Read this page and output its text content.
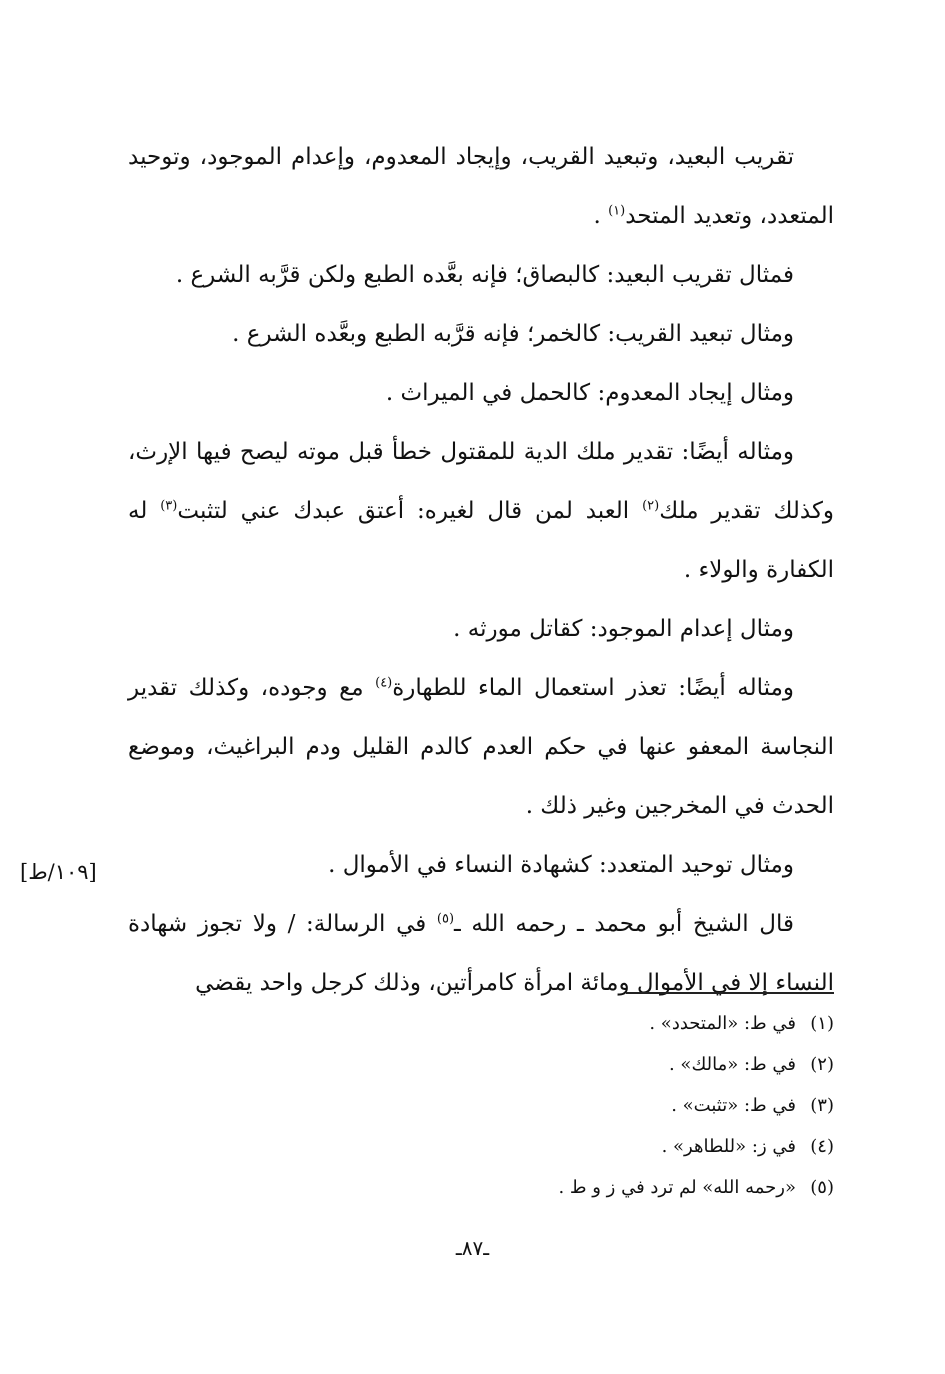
تقريب البعيد، وتبعيد القريب، وإيجاد المعدوم، وإعدام الموجود، وتوحيد المتعدد، وتعديد المتحد$^{(١)}$ .

فمثال تقريب البعيد: كالبصاق؛ فإنه بعَّده الطبع ولكن قرَّبه الشرع .

ومثال تبعيد القريب: كالخمر؛ فإنه قرَّبه الطبع وبعَّده الشرع .

ومثال إيجاد المعدوم: كالحمل في الميراث .

ومثاله أيضًا: تقدير ملك الدية للمقتول خطأ قبل موته ليصح فيها الإرث، وكذلك تقدير ملك$^{(٢)}$ العبد لمن قال لغيره: أعتق عبدك عني لتثبت$^{(٣)}$ له الكفارة والولاء .

ومثال إعدام الموجود: كقاتل مورثه .

ومثاله أيضًا: تعذر استعمال الماء للطهارة$^{(٤)}$ مع وجوده، وكذلك تقدير النجاسة المعفو عنها في حكم العدم كالدم القليل ودم البراغيث، وموضع الحدث في المخرجين وغير ذلك .

ومثال توحيد المتعدد: كشهادة النساء في الأموال .

قال الشيخ أبو محمد ـ رحمه الله ـ$^{(٥)}$ في الرسالة: / ولا تجوز شهادة النساء إلا في الأموال ومائة امرأة كامرأتين، وذلك كرجل واحد يقضي

[١٠٩/ط]
(١)في ط: «المتحدد» .
(٢)في ط: «مالك» .
(٣)في ط: «تثبت» .
(٤)في ز: «للطاهر» .
(٥)«رحمه الله» لم ترد في ز و ط .
ـ٨٧ـ
